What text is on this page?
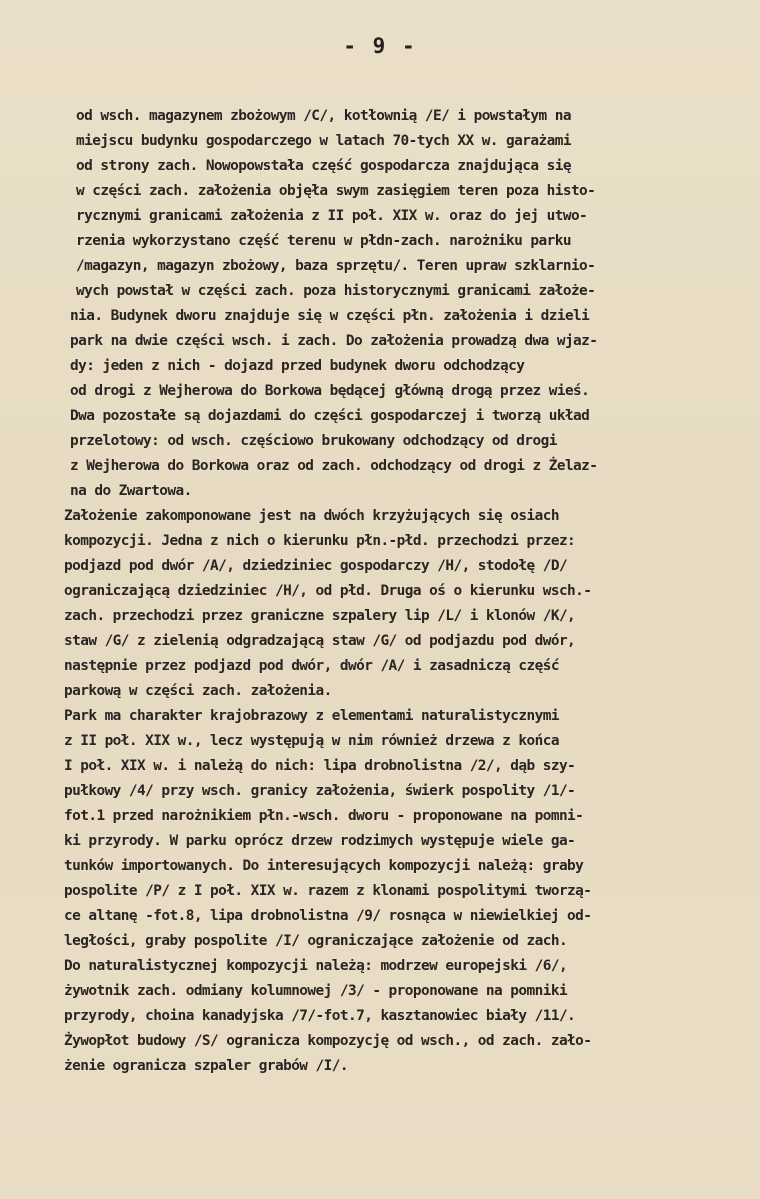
- 9 -
od wsch. magazynem zbożowym /C/, kotłownią /E/ i powstałym na
miejscu budynku gospodarczego w latach 70-tych XX w. garażami
od strony zach. Nowopowstała część gospodarcza znajdująca się
w części zach. założenia objęła swym zasięgiem teren poza histo-
rycznymi granicami założenia z II poł. XIX w. oraz do jej utwo-
rzenia wykorzystano część terenu w płdn-zach. narożniku parku
/magazyn, magazyn zbożowy, baza sprzętu/. Teren upraw szklarnio-
wych powstał w części zach. poza historycznymi granicami założe-
nia. Budynek dworu znajduje się w części płn. założenia i dzieli
park na dwie części wsch. i zach. Do założenia prowadzą dwa wjaz-
dy: jeden z nich - dojazd przed budynek dworu odchodzący
od drogi z Wejherowa do Borkowa będącej główną drogą przez wieś.
Dwa pozostałe są dojazdami do części gospodarczej i tworzą układ
przelotowy: od wsch. częściowo brukowany odchodzący od drogi
z Wejherowa do Borkowa oraz od zach. odchodzący od drogi z Żelaz-
na do Zwartowa.
Założenie zakomponowane jest na dwóch krzyżujących się osiach
kompozycji. Jedna z nich o kierunku płn.-płd. przechodzi przez:
podjazd pod dwór /A/, dziedziniec gospodarczy /H/, stodołę /D/
ograniczającą dziedziniec /H/, od płd. Druga oś o kierunku wsch.-
zach. przechodzi przez graniczne szpalery lip /L/ i klonów /K/,
staw /G/ z zielenią odgradzającą staw /G/ od podjazdu pod dwór,
następnie przez podjazd pod dwór, dwór /A/ i zasadniczą część
parkową w części zach. założenia.
Park ma charakter krajobrazowy z elementami naturalistycznymi
z II poł. XIX w., lecz występują w nim również drzewa z końca
I poł. XIX w. i należą do nich: lipa drobnolistna /2/, dąb szy-
pułkowy /4/ przy wsch. granicy założenia, świerk pospolity /1/-
fot.1 przed narożnikiem płn.-wsch. dworu - proponowane na pomni-
ki przyrody. W parku oprócz drzew rodzimych występuje wiele ga-
tunków importowanych. Do interesujących kompozycji należą: graby
pospolite /P/ z I poł. XIX w. razem z klonami pospolitymi tworzą-
ce altanę -fot.8, lipa drobnolistna /9/ rosnąca w niewielkiej od-
ległości, graby pospolite /I/ ograniczające założenie od zach.
Do naturalistycznej kompozycji należą: modrzew europejski /6/,
żywotnik zach. odmiany kolumnowej /3/ - proponowane na pomniki
przyrody, choina kanadyjska /7/-fot.7, kasztanowiec biały /11/.
Żywopłot budowy /S/ ogranicza kompozycję od wsch., od zach. zało-
żenie ogranicza szpaler grabów /I/.
